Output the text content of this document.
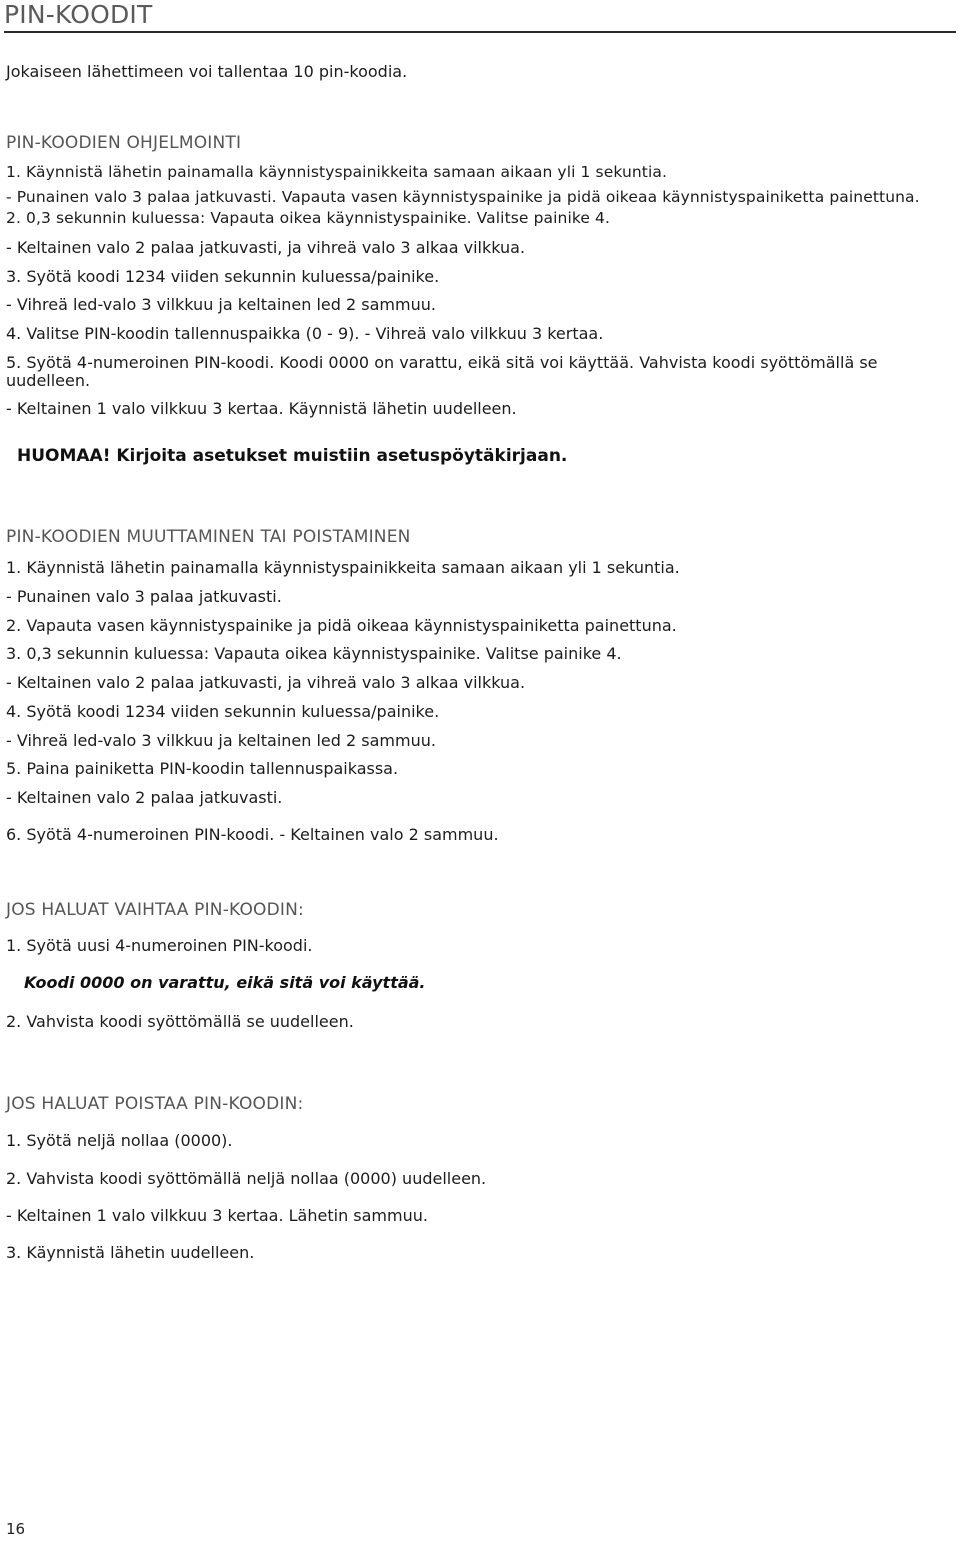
PIN-KOODIT
Jokaiseen lähettimeen voi tallentaa 10 pin-koodia.
PIN-KOODIEN OHJELMOINTI
1. Käynnistä lähetin painamalla käynnistyspainikkeita samaan aikaan yli 1 sekuntia.
- Punainen valo 3 palaa jatkuvasti. Vapauta vasen käynnistyspainike ja pidä oikeaa käynnistyspainiketta painettuna.
2. 0,3 sekunnin kuluessa: Vapauta oikea käynnistyspainike. Valitse painike 4.
- Keltainen valo 2 palaa jatkuvasti, ja vihreä valo 3 alkaa vilkkua.
3. Syötä koodi 1234 viiden sekunnin kuluessa/painike.
- Vihreä led-valo 3 vilkkuu ja keltainen led 2 sammuu.
4. Valitse PIN-koodin tallennuspaikka (0 - 9). - Vihreä valo vilkkuu 3 kertaa.
5. Syötä 4-numeroinen PIN-koodi. Koodi 0000 on varattu, eikä sitä voi käyttää. Vahvista koodi syöttömällä se
uudelleen.
- Keltainen 1 valo vilkkuu 3 kertaa. Käynnistä lähetin uudelleen.
HUOMAA! Kirjoita asetukset muistiin asetuspöytäkirjaan.
PIN-KOODIEN MUUTTAMINEN TAI POISTAMINEN
1. Käynnistä lähetin painamalla käynnistyspainikkeita samaan aikaan yli 1 sekuntia.
- Punainen valo 3 palaa jatkuvasti.
2. Vapauta vasen käynnistyspainike ja pidä oikeaa käynnistyspainiketta painettuna.
3. 0,3 sekunnin kuluessa: Vapauta oikea käynnistyspainike. Valitse painike 4.
- Keltainen valo 2 palaa jatkuvasti, ja vihreä valo 3 alkaa vilkkua.
4. Syötä koodi 1234 viiden sekunnin kuluessa/painike.
- Vihreä led-valo 3 vilkkuu ja keltainen led 2 sammuu.
5. Paina painiketta PIN-koodin tallennuspaikassa.
- Keltainen valo 2 palaa jatkuvasti.
6. Syötä 4-numeroinen PIN-koodi. - Keltainen valo 2 sammuu.
JOS HALUAT VAIHTAA PIN-KOODIN:
1. Syötä uusi 4-numeroinen PIN-koodi.
Koodi 0000 on varattu, eikä sitä voi käyttää.
2. Vahvista koodi syöttömällä se uudelleen.
JOS HALUAT POISTAA PIN-KOODIN:
1. Syötä neljä nollaa (0000).
2. Vahvista koodi syöttömällä neljä nollaa (0000) uudelleen.
- Keltainen 1 valo vilkkuu 3 kertaa. Lähetin sammuu.
3. Käynnistä lähetin uudelleen.
16
